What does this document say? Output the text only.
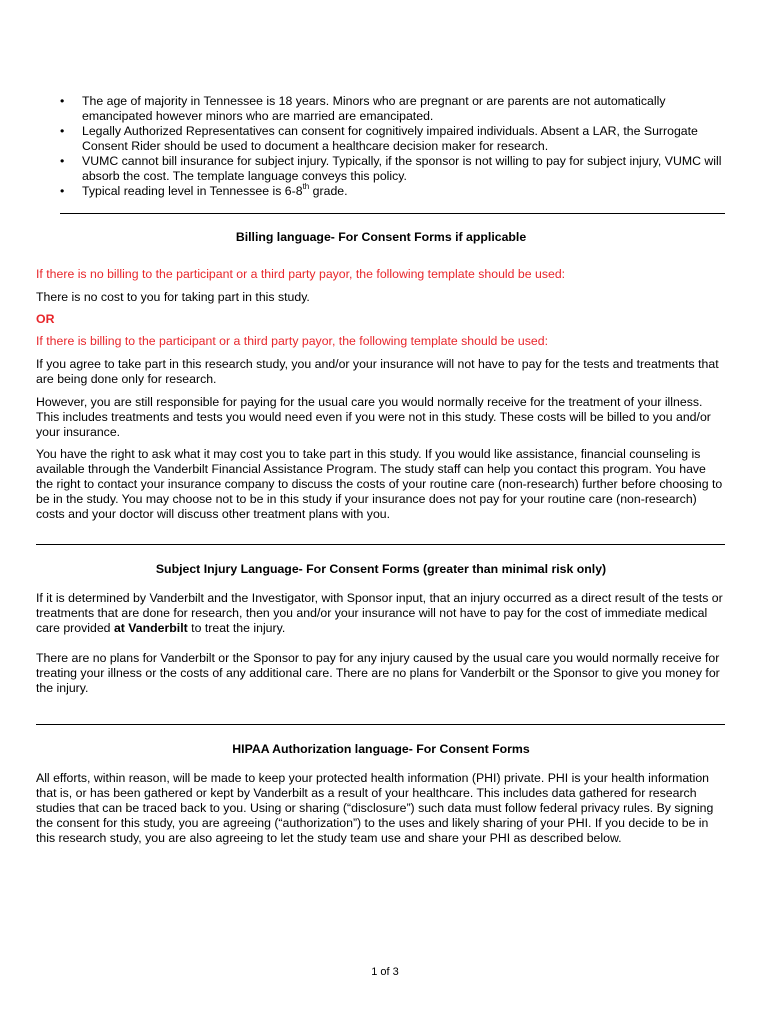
• The age of majority in Tennessee is 18 years. Minors who are pregnant or are parents are not automatically emancipated however minors who are married are emancipated.
• Legally Authorized Representatives can consent for cognitively impaired individuals. Absent a LAR, the Surrogate Consent Rider should be used to document a healthcare decision maker for research.
• VUMC cannot bill insurance for subject injury. Typically, if the sponsor is not willing to pay for subject injury, VUMC will absorb the cost. The template language conveys this policy.
• Typical reading level in Tennessee is 6-8th grade.
Billing language- For Consent Forms if applicable

If there is no billing to the participant or a third party payor, the following template should be used:

There is no cost to you for taking part in this study.

OR

If there is billing to the participant or a third party payor, the following template should be used:

If you agree to take part in this research study, you and/or your insurance will not have to pay for the tests and treatments that are being done only for research.

However, you are still responsible for paying for the usual care you would normally receive for the treatment of your illness. This includes treatments and tests you would need even if you were not in this study. These costs will be billed to you and/or your insurance.

You have the right to ask what it may cost you to take part in this study. If you would like assistance, financial counseling is available through the Vanderbilt Financial Assistance Program. The study staff can help you contact this program. You have the right to contact your insurance company to discuss the costs of your routine care (non-research) further before choosing to be in the study. You may choose not to be in this study if your insurance does not pay for your routine care (non-research) costs and your doctor will discuss other treatment plans with you.

Subject Injury Language- For Consent Forms (greater than minimal risk only)

If it is determined by Vanderbilt and the Investigator, with Sponsor input, that an injury occurred as a direct result of the tests or treatments that are done for research, then you and/or your insurance will not have to pay for the cost of immediate medical care provided at Vanderbilt to treat the injury.

There are no plans for Vanderbilt or the Sponsor to pay for any injury caused by the usual care you would normally receive for treating your illness or the costs of any additional care. There are no plans for Vanderbilt or the Sponsor to give you money for the injury.

HIPAA Authorization language- For Consent Forms

All efforts, within reason, will be made to keep your protected health information (PHI) private. PHI is your health information that is, or has been gathered or kept by Vanderbilt as a result of your healthcare. This includes data gathered for research studies that can be traced back to you. Using or sharing (“disclosure”) such data must follow federal privacy rules. By signing the consent for this study, you are agreeing (“authorization”) to the uses and likely sharing of your PHI. If you decide to be in this research study, you are also agreeing to let the study team use and share your PHI as described below.

1 of 3
